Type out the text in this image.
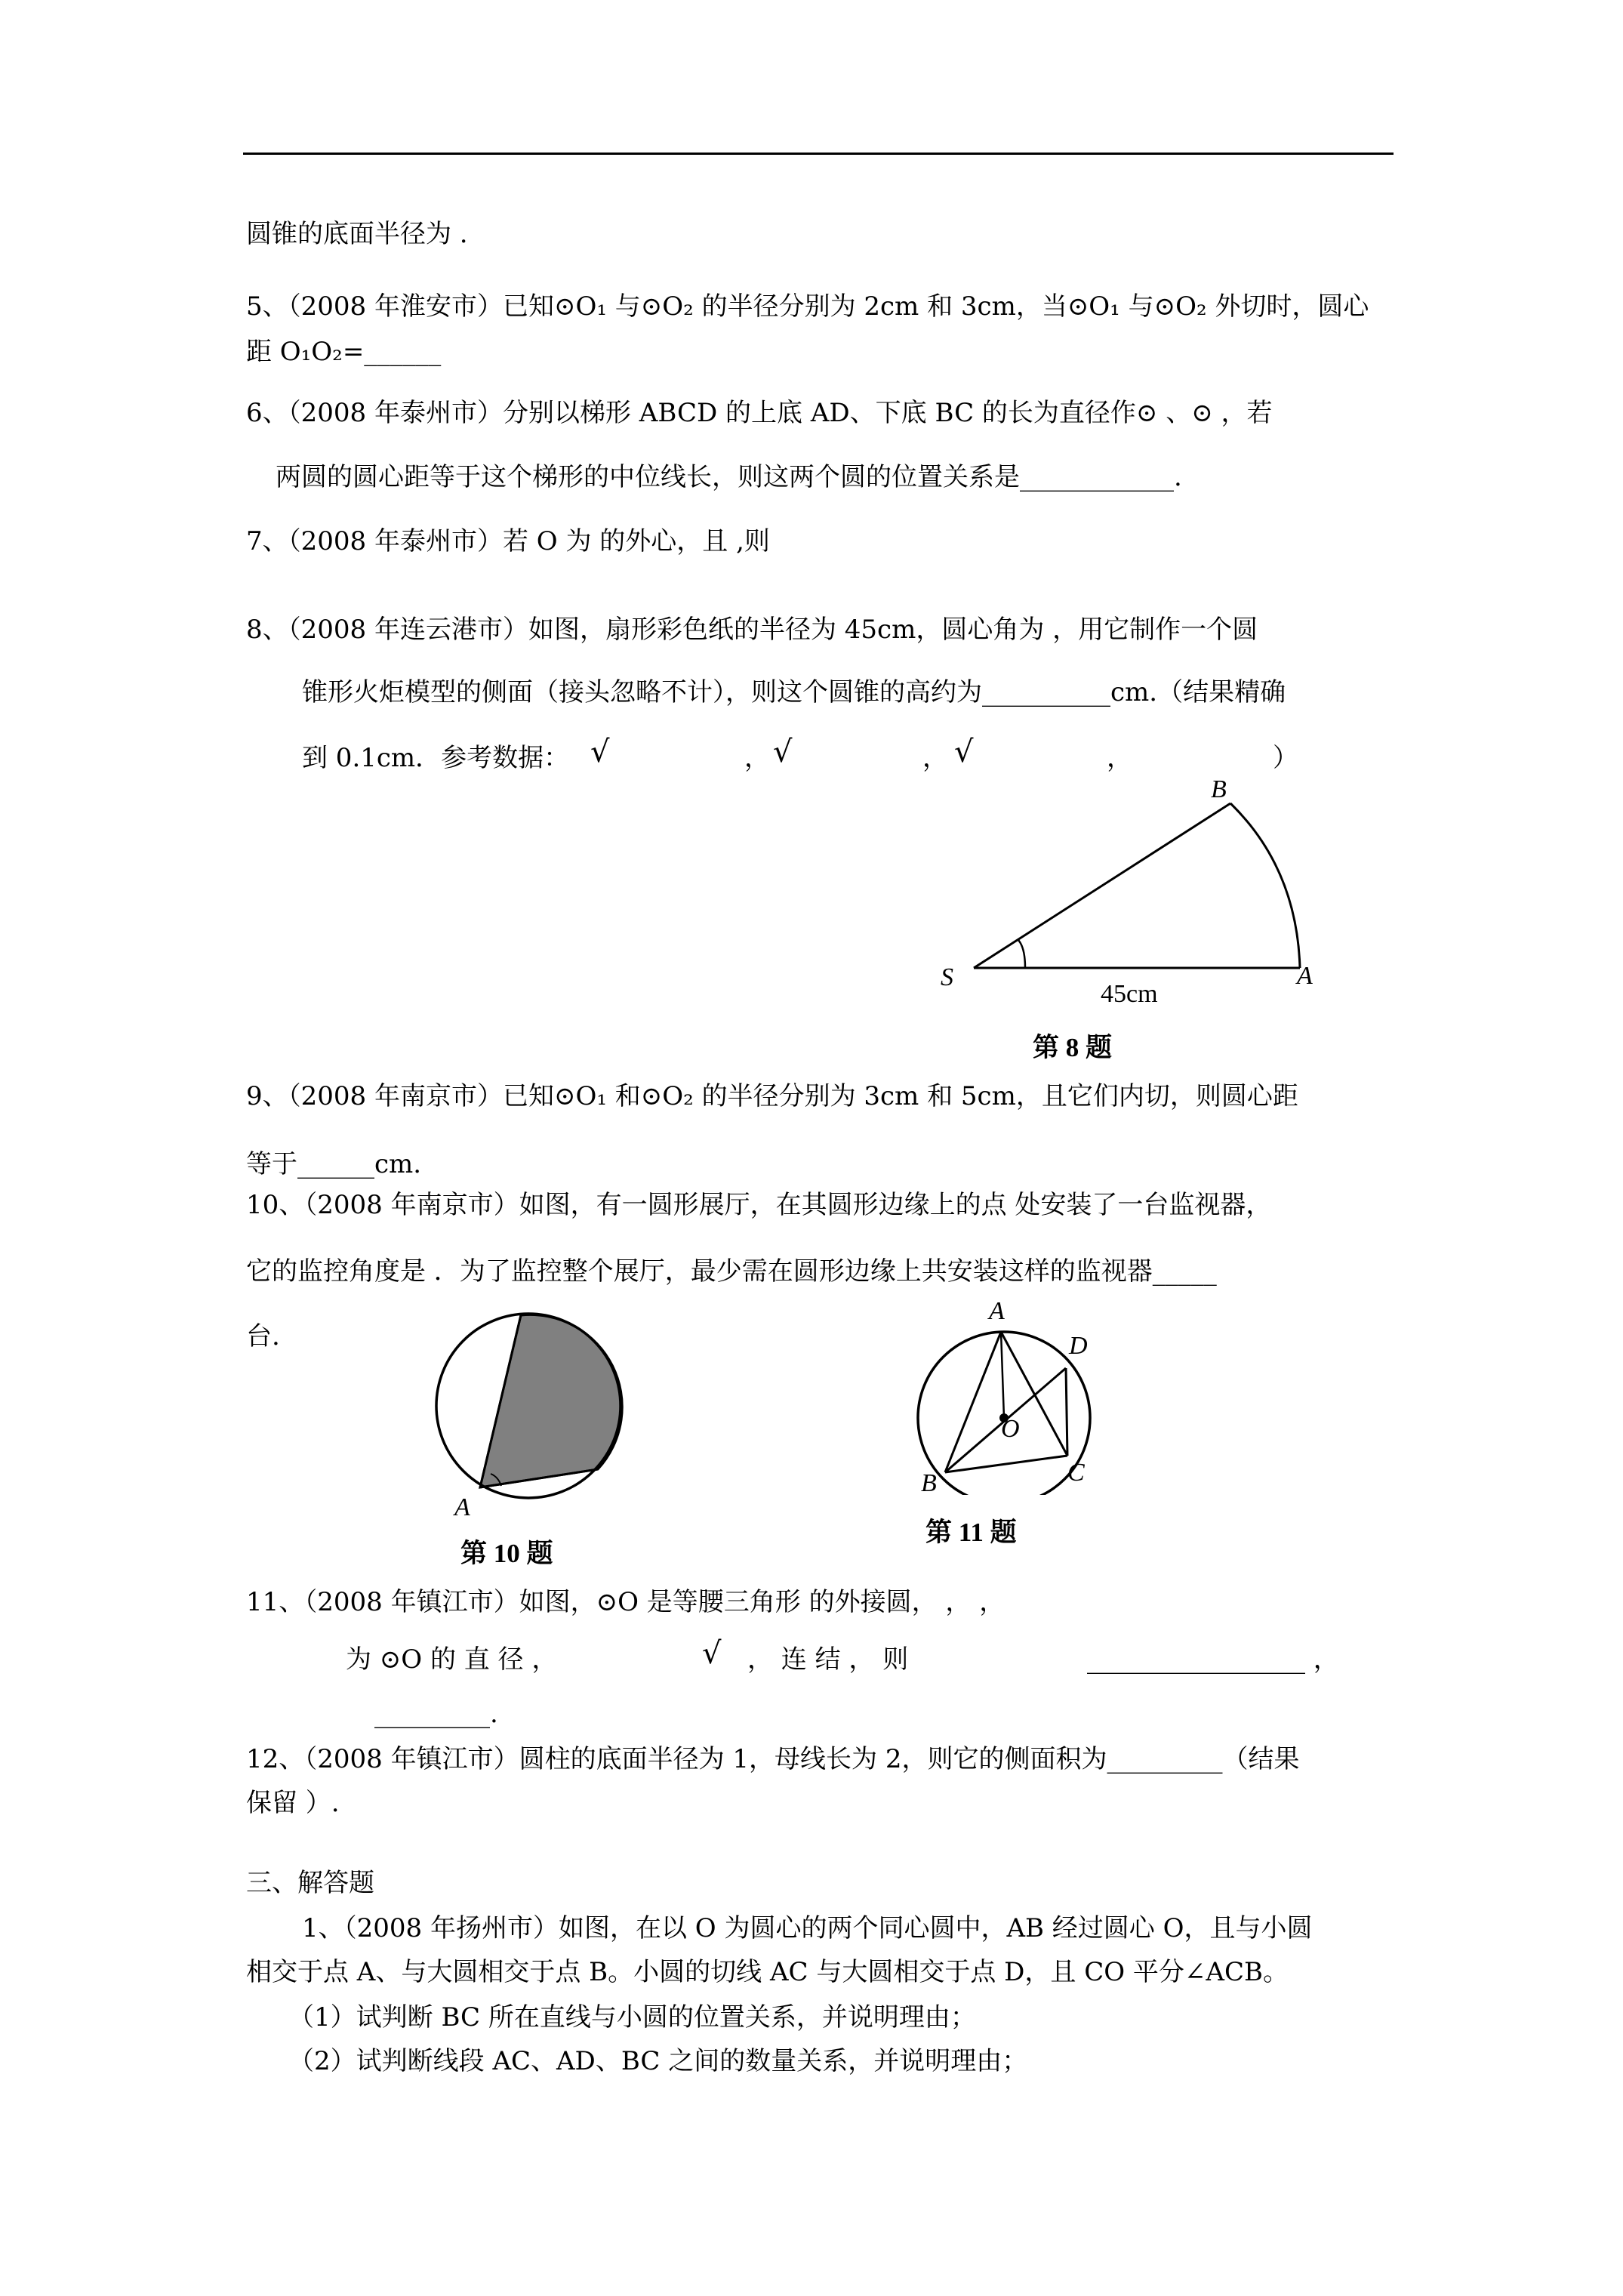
圆锥的底面半径为 .
5、（2008 年淮安市）已知⊙O₁ 与⊙O₂ 的半径分别为 2cm 和 3cm，当⊙O₁ 与⊙O₂ 外切时，圆心
距 O₁O₂=______
6、（2008 年泰州市）分别以梯形 ABCD 的上底 AD、下底 BC 的长为直径作⊙ 、⊙ ，若
两圆的圆心距等于这个梯形的中位线长，则这两个圆的位置关系是____________.
7、（2008 年泰州市）若 O 为 的外心，且 ,则
8、（2008 年连云港市）如图，扇形彩色纸的半径为 45cm，圆心角为 ，用它制作一个圆
锥形火炬模型的侧面（接头忽略不计），则这个圆锥的高约为__________cm.（结果精确
到 0.1cm．参考数据： √	， √	， √	，	）
B
S	A
45cm
第 8 题
9、（2008 年南京市）已知⊙O₁ 和⊙O₂ 的半径分别为 3cm 和 5cm，且它们内切，则圆心距
等于______cm.
10、（2008 年南京市）如图，有一圆形展厅，在其圆形边缘上的点 处安装了一台监视器，
它的监控角度是 ．为了监控整个展厅，最少需在圆形边缘上共安装这样的监视器_____
台.
A
第 10 题
A
D
O
B	C
第 11 题
11、（2008 年镇江市）如图，⊙O 是等腰三角形 的外接圆， ， ，
为 ⊙O 的 直 径 ，	√ ， 连 结 ， 则	_________________ ，
_________.
12、（2008 年镇江市）圆柱的底面半径为 1，母线长为 2，则它的侧面积为_________（结果
保留 ）.
三、解答题
1、（2008 年扬州市）如图，在以 O 为圆心的两个同心圆中，AB 经过圆心 O，且与小圆
相交于点 A、与大圆相交于点 B。小圆的切线 AC 与大圆相交于点 D，且 CO 平分∠ACB。
（1）试判断 BC 所在直线与小圆的位置关系，并说明理由；
（2）试判断线段 AC、AD、BC 之间的数量关系，并说明理由；
